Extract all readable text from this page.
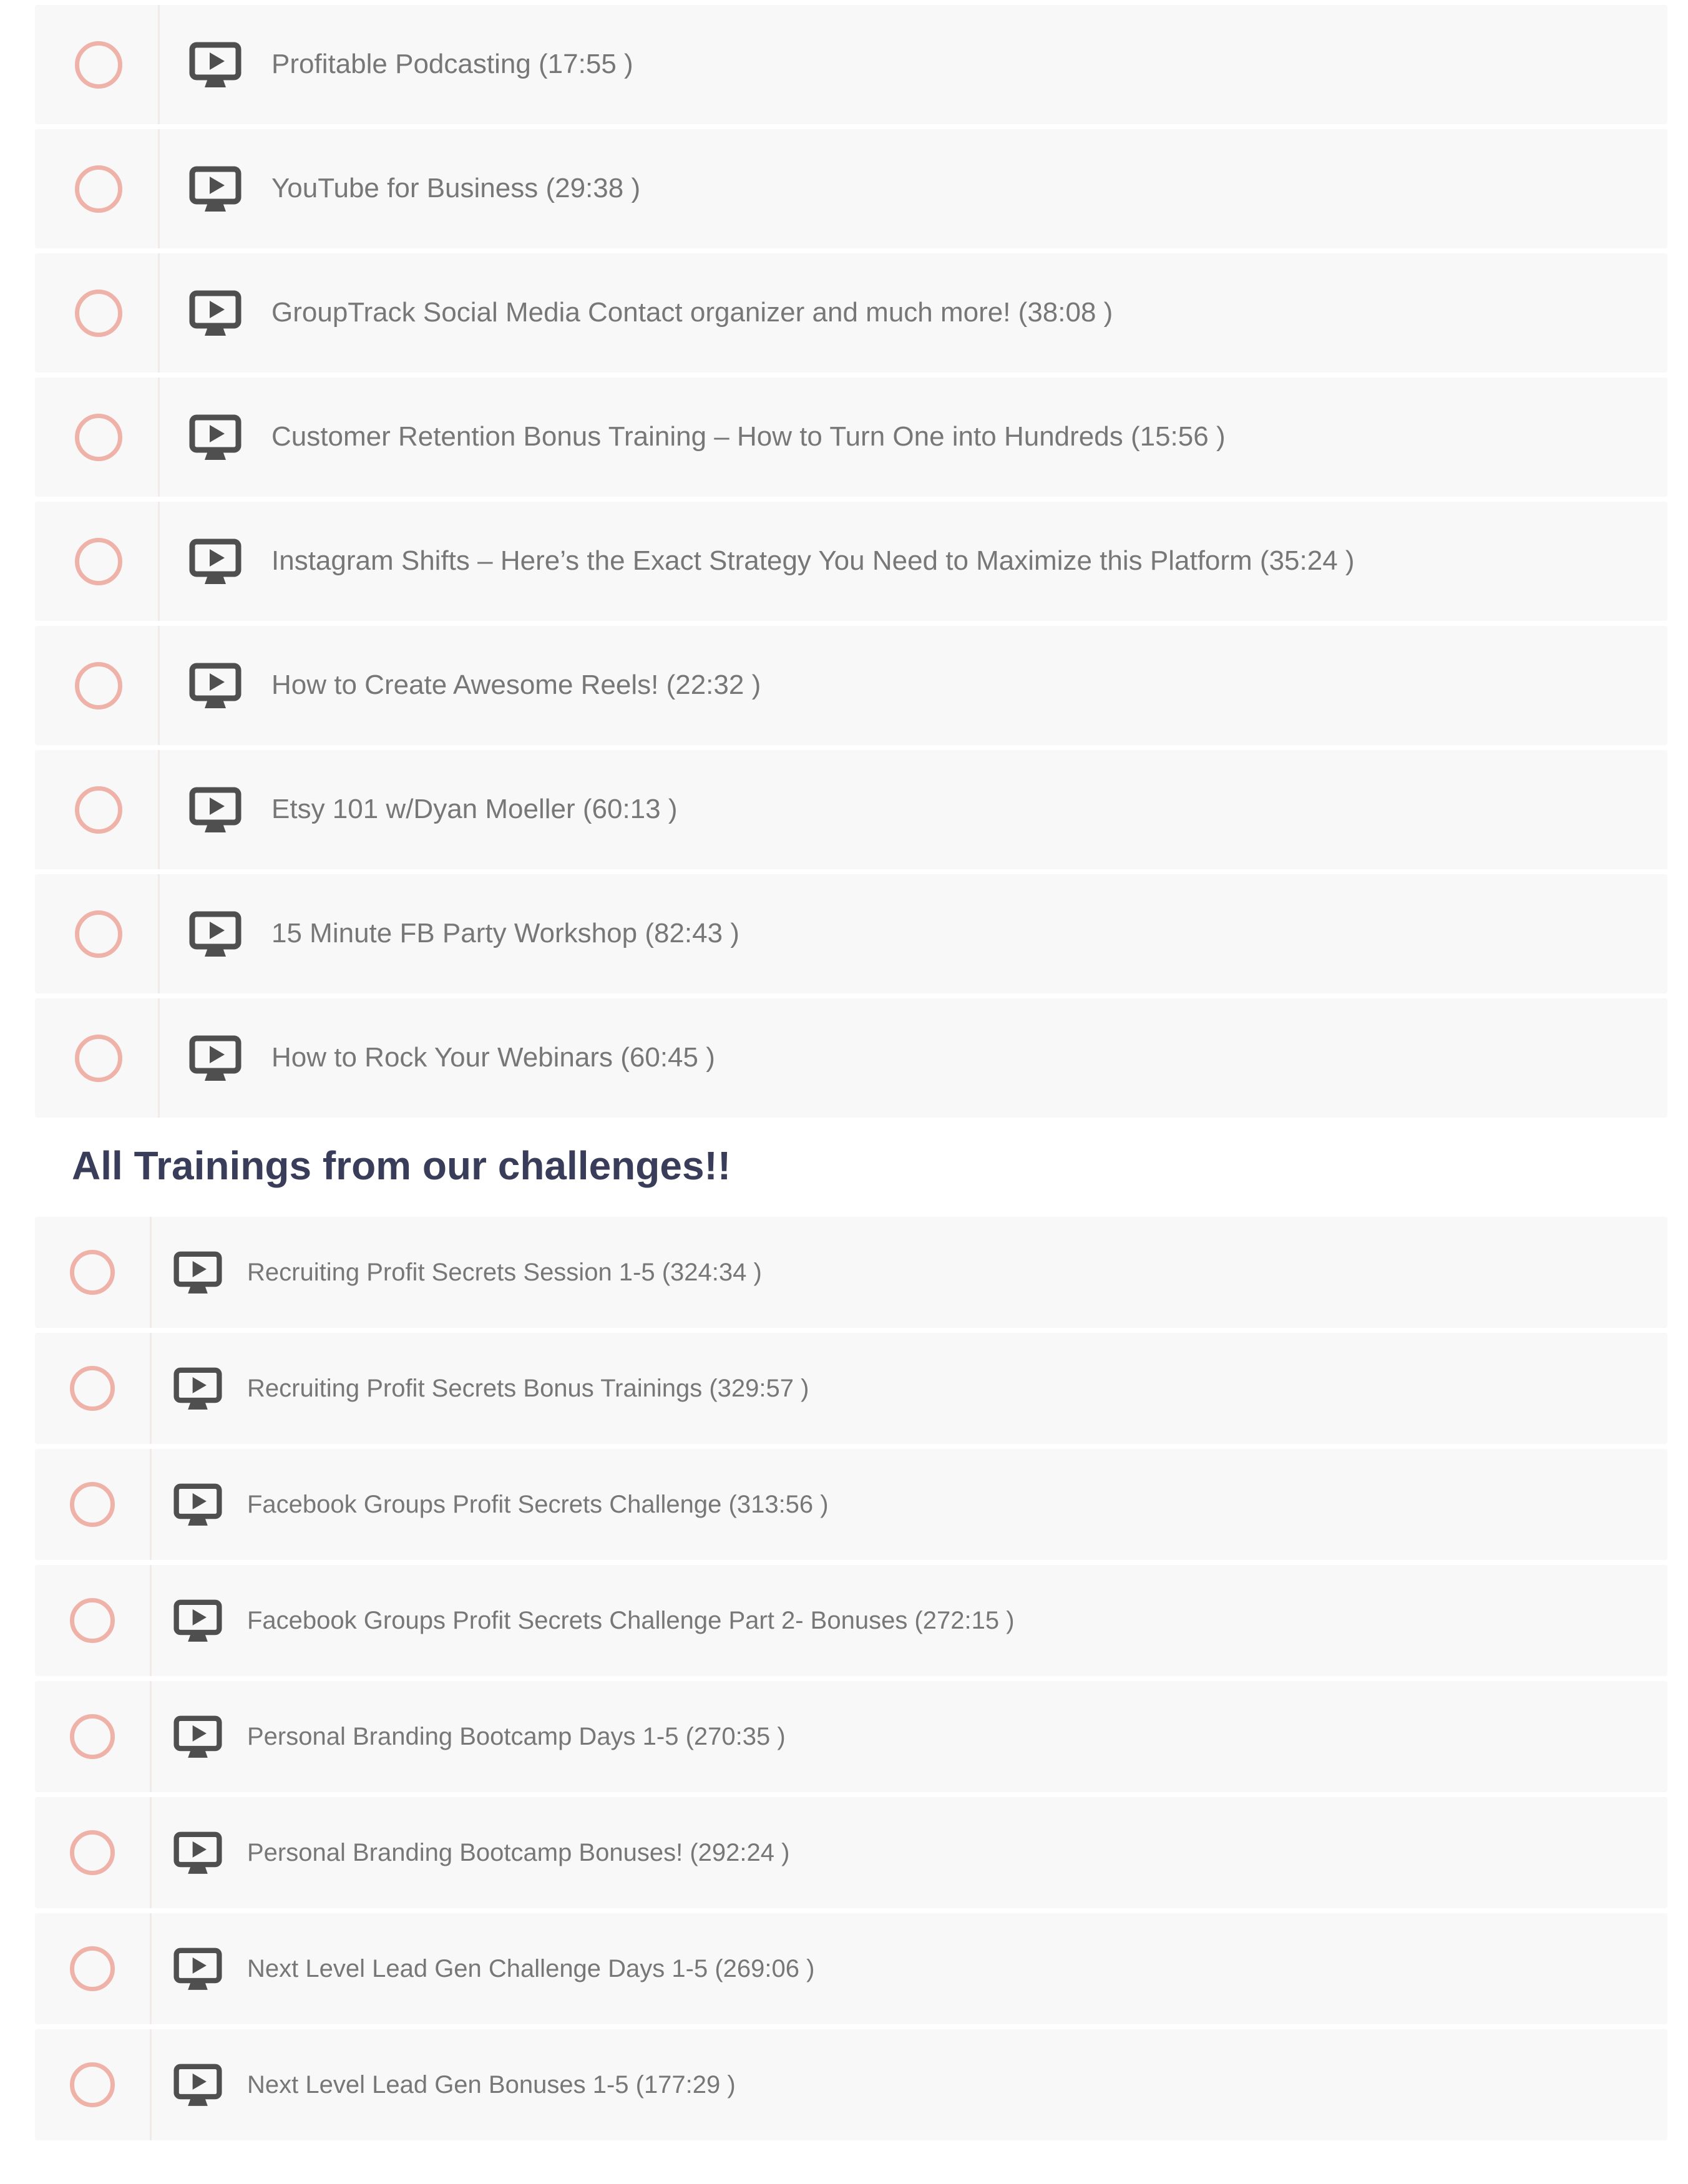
Profitable Podcasting (17:55 )
YouTube for Business (29:38 )
GroupTrack Social Media Contact organizer and much more! (38:08 )
Customer Retention Bonus Training – How to Turn One into Hundreds (15:56 )
Instagram Shifts – Here’s the Exact Strategy You Need to Maximize this Platform (35:24 )
How to Create Awesome Reels! (22:32 )
Etsy 101 w/Dyan Moeller (60:13 )
15 Minute FB Party Workshop (82:43 )
How to Rock Your Webinars (60:45 )
All Trainings from our challenges!!
Recruiting Profit Secrets Session 1-5 (324:34 )
Recruiting Profit Secrets Bonus Trainings (329:57 )
Facebook Groups Profit Secrets Challenge (313:56 )
Facebook Groups Profit Secrets Challenge Part 2- Bonuses (272:15 )
Personal Branding Bootcamp Days 1-5 (270:35 )
Personal Branding Bootcamp Bonuses! (292:24 )
Next Level Lead Gen Challenge Days 1-5 (269:06 )
Next Level Lead Gen Bonuses 1-5 (177:29 )
